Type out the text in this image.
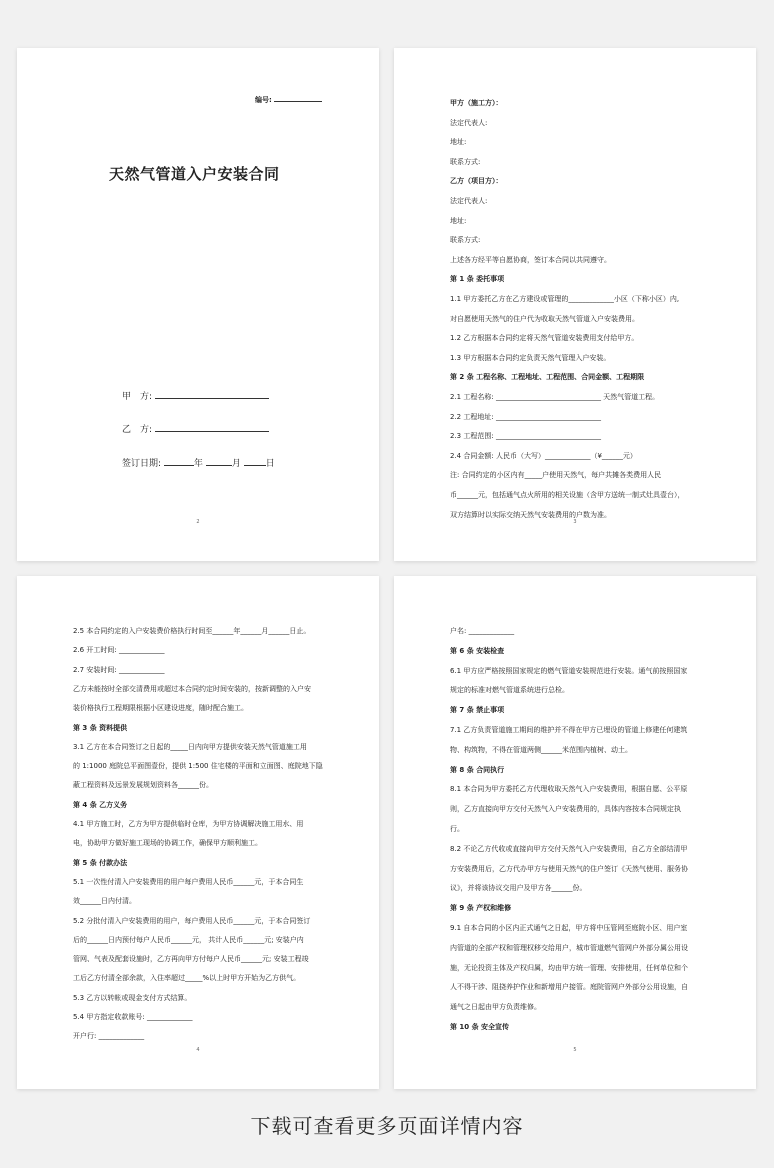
编号:
天然气管道入户安装合同
甲　方:
乙　方:
签订日期:	年	月	日
2
甲方（施工方）：
法定代表人:
地址:
联系方式:
乙方（项目方）：
法定代表人:
地址:
联系方式:
上述各方经平等自愿协商，签订本合同以共同遵守。
第 1 条 委托事项
1.1 甲方委托乙方在乙方建设或管理的_____________小区（下称小区）内,
对自愿使用天然气的住户代为收取天然气管道入户安装费用。
1.2 乙方根据本合同约定将天然气管道安装费用支付给甲方。
1.3 甲方根据本合同约定负责天然气管理入户安装。
第 2 条 工程名称、工程地址、工程范围、合同金额、工程期限
2.1 工程名称: ______________________________ 天然气管道工程。
2.2 工程地址: ______________________________
2.3 工程范围: ______________________________
2.4 合同金额: 人民币（大写）_____________（¥______元）
注: 合同约定的小区内有_____户使用天然气，每户共摊各类费用人民
币______元，包括通气点火所用的相关设施（含甲方送统一制式灶具壹台），
双方结算时以实际交纳天然气安装费用的户数为准。
3
2.5 本合同约定的入户安装费价格执行时间至______年______月______日止。
2.6 开工时间: _____________
2.7 安装时间: _____________
乙方未能按时全部交清费用或超过本合同约定时间安装的，按新调整的入户安
装价格执行工程期限根据小区建设进度，随时配合施工。
第 3 条 资料提供
3.1 乙方在本合同签订之日起的_____日内向甲方提供安装天然气管道施工用
的 1:1000 庭院总平面图壹份，提供 1:500 住宅楼的平面和立面图、庭院地下隐
蔽工程资料及远景发展规划资料各______份。
第 4 条 乙方义务
4.1 甲方施工时，乙方为甲方提供临时仓库，为甲方协调解决施工用水、用
电，协助甲方做好施工现场的协调工作，确保甲方顺利施工。
第 5 条 付款办法
5.1 一次性付清入户安装费用的用户每户费用人民币______元，于本合同生
效______日内付清。
5.2 分批付清入户安装费用的用户，每户费用人民币______元，于本合同签订
后的______日内预付每户人民币______元， 共计人民币______元; 安装户内
管网、气表及配套设施时，乙方再向甲方付每户人民币______元; 安装工程竣
工后乙方付清全部余款，入住率超过_____%以上时甲方开始为乙方供气。
5.3 乙方以转帐或现金支付方式结算。
5.4 甲方指定收款账号: _____________
开户行: _____________
4
户名: _____________
第 6 条 安装检查
6.1 甲方应严格按照国家规定的燃气管道安装规范进行安装。通气前按照国家
规定的标准对燃气管道系统进行总检。
第 7 条 禁止事项
7.1 乙方负责管道施工期间的维护并不得在甲方已埋设的管道上修建任何建筑
物、构筑物，不得在管道两侧______米范围内植树、动土。
第 8 条 合同执行
8.1 本合同为甲方委托乙方代理收取天然气入户安装费用，根据自愿、公平原
则，乙方直接向甲方交付天然气入户安装费用的，具体内容按本合同规定执
行。
8.2 不论乙方代收或直接向甲方交付天然气入户安装费用，自乙方全部结清甲
方安装费用后，乙方代办甲方与使用天然气的住户签订《天然气使用、服务协
议》，并将该协议交用户及甲方各______份。
第 9 条 产权和维修
9.1 自本合同的小区内正式通气之日起，甲方将中压管网至庭院小区、用户室
内管道的全部产权和管理权移交给用户，城市管道燃气管网户外部分属公用设
施，无论投资主体及产权归属，均由甲方统一管理、安排使用，任何单位和个
人不得干涉、阻挠养护作业和新增用户接管。庭院管网户外部分公用设施，自
通气之日起由甲方负责维修。
第 10 条 安全宣传
5
下载可查看更多页面详情内容
